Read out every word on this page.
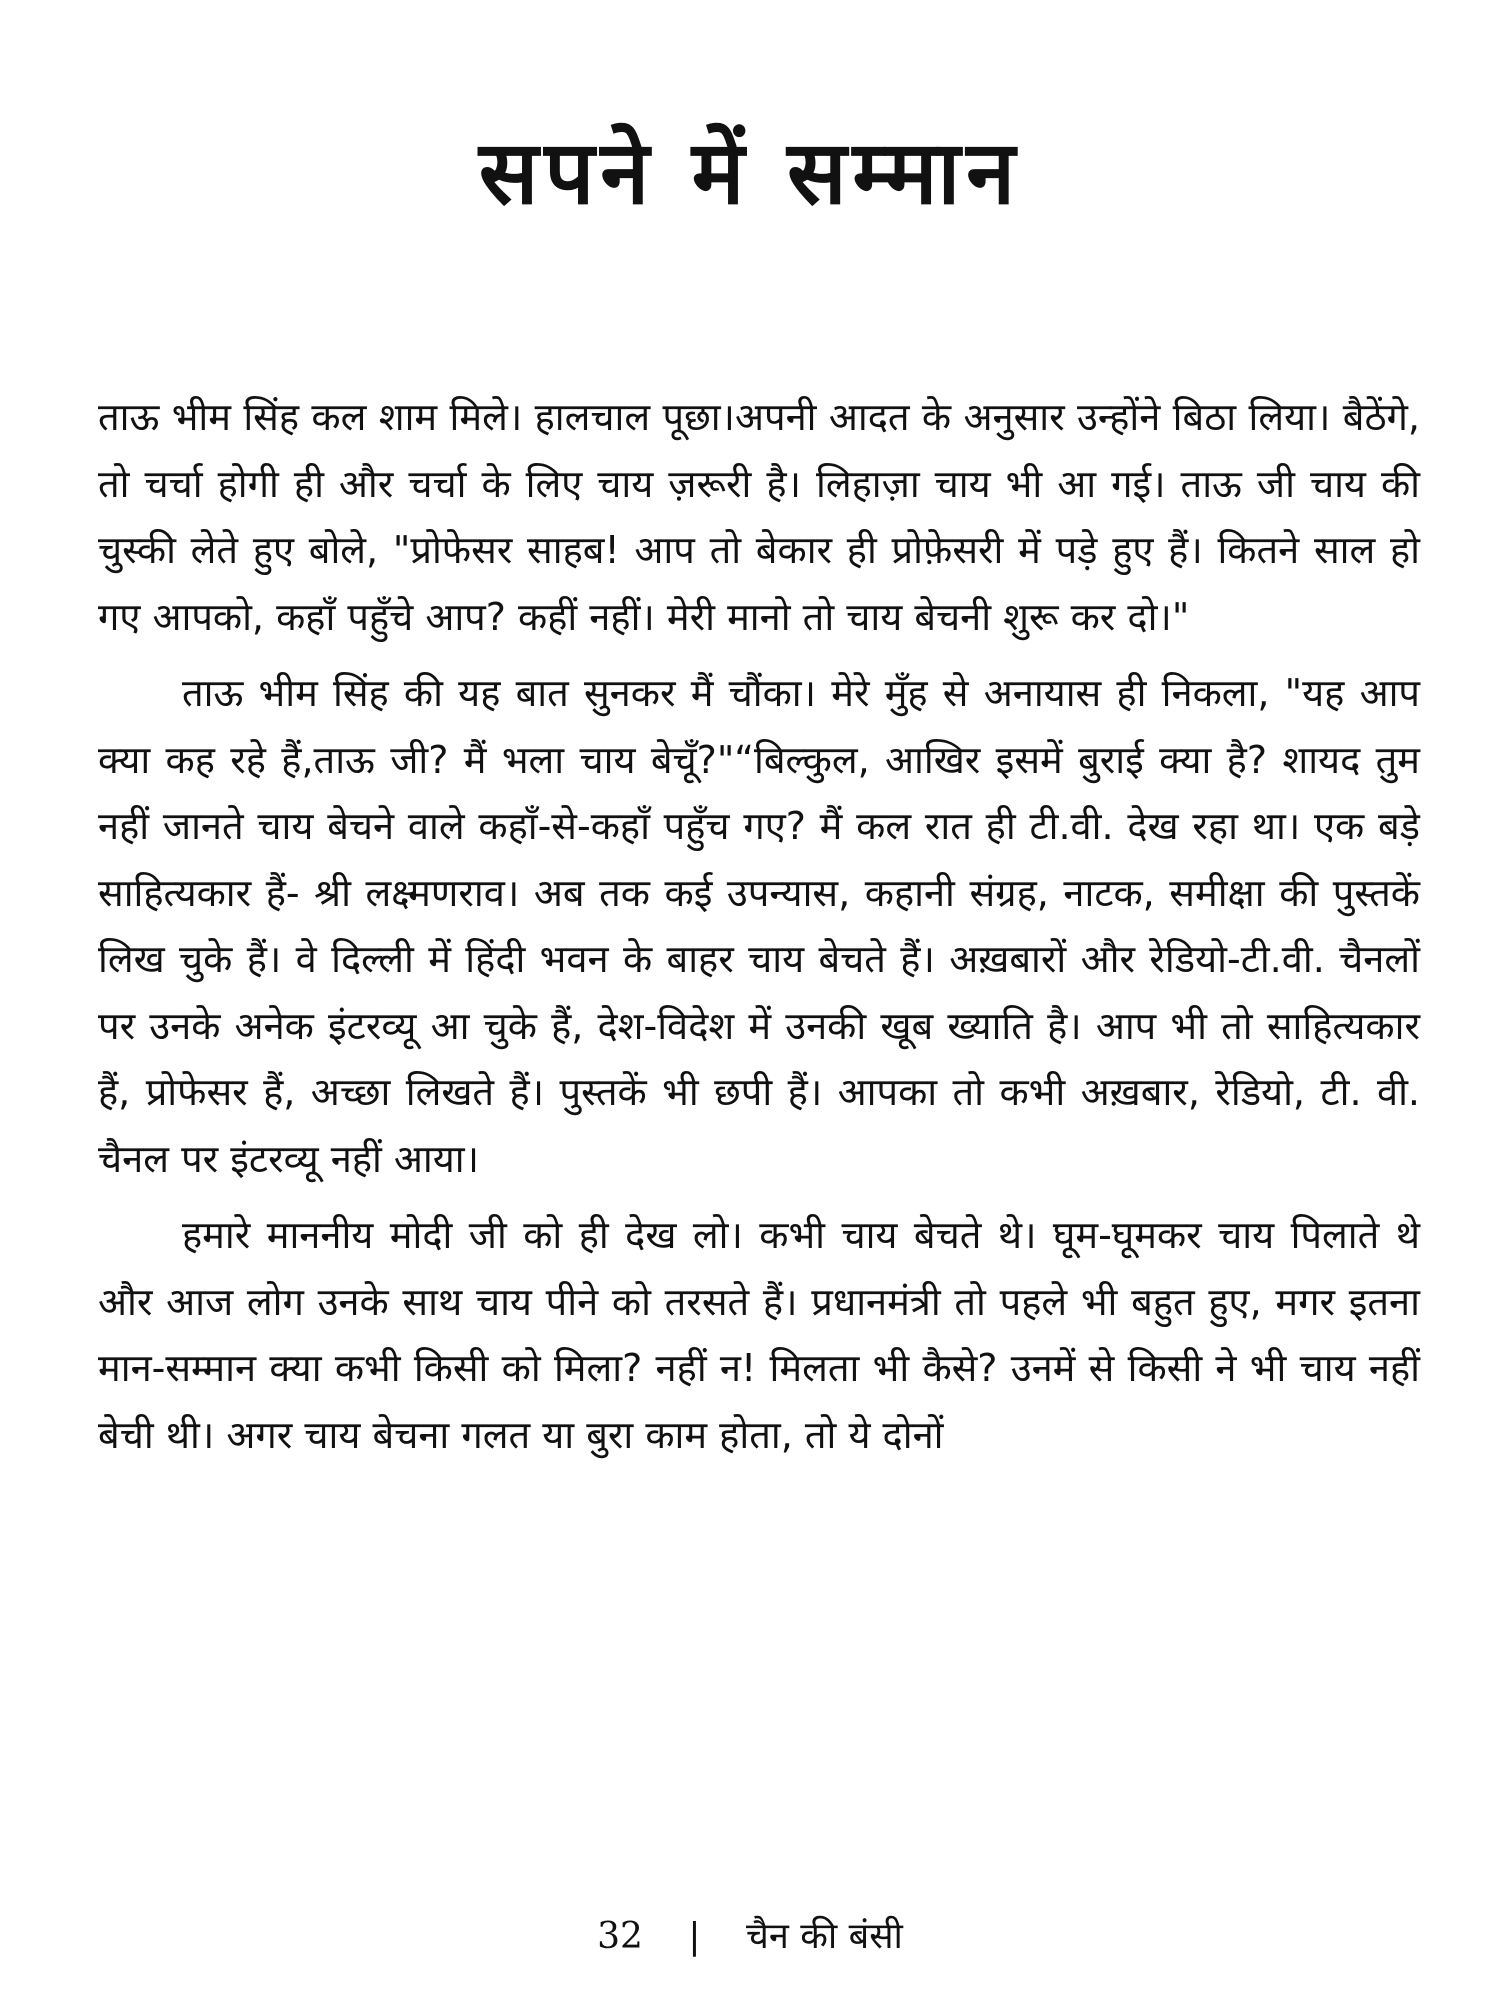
सपने में सम्मान

ताऊ भीम सिंह कल शाम मिले। हालचाल पूछा।अपनी आदत के अनुसार उन्होंने बिठा लिया। बैठेंगे, तो चर्चा होगी ही और चर्चा के लिए चाय ज़रूरी है। लिहाज़ा चाय भी आ गई। ताऊ जी चाय की चुस्की लेते हुए बोले, "प्रोफेसर साहब! आप तो बेकार ही प्रोफ़ेसरी में पड़े हुए हैं। कितने साल हो गए आपको, कहाँ पहुँचे आप? कहीं नहीं। मेरी मानो तो चाय बेचनी शुरू कर दो।"

ताऊ भीम सिंह की यह बात सुनकर मैं चौंका। मेरे मुँह से अनायास ही निकला, "यह आप क्या कह रहे हैं,ताऊ जी? मैं भला चाय बेचूँ?"“बिल्कुल, आखिर इसमें बुराई क्या है? शायद तुम नहीं जानते चाय बेचने वाले कहाँ-से-कहाँ पहुँच गए? मैं कल रात ही टी.वी. देख रहा था। एक बड़े साहित्यकार हैं- श्री लक्ष्मणराव। अब तक कई उपन्यास, कहानी संग्रह, नाटक, समीक्षा की पुस्तकें लिख चुके हैं। वे दिल्ली में हिंदी भवन के बाहर चाय बेचते हैं। अख़बारों और रेडियो-टी.वी. चैनलों पर उनके अनेक इंटरव्यू आ चुके हैं, देश-विदेश में उनकी खूब ख्याति है। आप भी तो साहित्यकार हैं, प्रोफेसर हैं, अच्छा लिखते हैं। पुस्तकें भी छपी हैं। आपका तो कभी अख़बार, रेडियो, टी. वी. चैनल पर इंटरव्यू नहीं आया।

हमारे माननीय मोदी जी को ही देख लो। कभी चाय बेचते थे। घूम-घूमकर चाय पिलाते थे और आज लोग उनके साथ चाय पीने को तरसते हैं। प्रधानमंत्री तो पहले भी बहुत हुए, मगर इतना मान-सम्मान क्या कभी किसी को मिला? नहीं न! मिलता भी कैसे? उनमें से किसी ने भी चाय नहीं बेची थी। अगर चाय बेचना गलत या बुरा काम होता, तो ये दोनों

32 | चैन की बंसी
